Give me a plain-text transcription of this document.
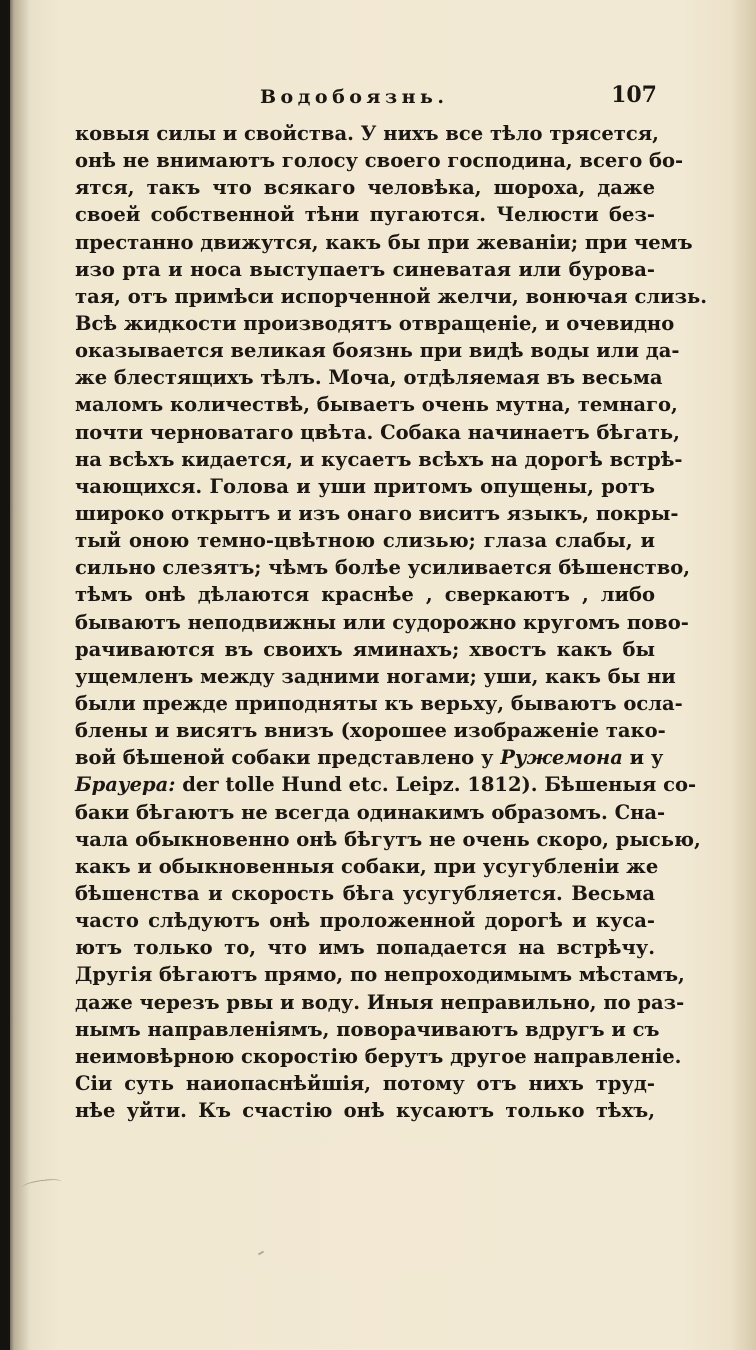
Водобоязнь.	107
ковыя силы и свойства. У нихъ все тѣло трясется,
онѣ не внимаютъ голосу своего господина, всего бо-
ятся, такъ что всякаго человѣка, шороха, даже
своей собственной тѣни пугаются. Челюсти без-
престанно движутся, какъ бы при жеванiи; при чемъ
изо рта и носа выступаетъ синеватая или бурова-
тая, отъ примѣси испорченной желчи, вонючая слизь.
Всѣ жидкости производятъ отвращенiе, и очевидно
оказывается великая боязнь при видѣ воды или да-
же блестящихъ тѣлъ. Моча, отдѣляемая въ весьма
маломъ количествѣ, бываетъ очень мутна, темнаго,
почти черноватаго цвѣта. Собака начинаетъ бѣгать,
на всѣхъ кидается, и кусаетъ всѣхъ на дорогѣ встрѣ-
чающихся. Голова и уши притомъ опущены, ротъ
широко открытъ и изъ онаго виситъ языкъ, покры-
тый оною темно-цвѣтною слизью; глаза слабы, и
сильно слезятъ; чѣмъ болѣе усиливается бѣшенство,
тѣмъ онѣ дѣлаются краснѣе , сверкаютъ , либо
бываютъ неподвижны или судорожно кругомъ пово-
рачиваются въ своихъ яминахъ; хвостъ какъ бы
ущемленъ между задними ногами; уши, какъ бы ни
были прежде приподняты къ верьху, бываютъ осла-
блены и висятъ внизъ (хорошее изображенiе тако-
вой бѣшеной собаки представлено у Ружемона и у
Брауера: der tolle Hund etc. Leipz. 1812). Бѣшеныя со-
баки бѣгаютъ не всегда одинакимъ образомъ. Сна-
чала обыкновенно онѣ бѣгутъ не очень скоро, рысью,
какъ и обыкновенныя собаки, при усугубленiи же
бѣшенства и скорость бѣга усугубляется. Весьма
часто слѣдуютъ онѣ проложенной дорогѣ и куса-
ютъ только то, что имъ попадается на встрѣчу.
Другiя бѣгаютъ прямо, по непроходимымъ мѣстамъ,
даже черезъ рвы и воду. Иныя неправильно, по раз-
нымъ направленiямъ, поворачиваютъ вдругъ и съ
неимовѣрною скоростiю берутъ другое направленiе.
Сiи суть наиопаснѣйшiя, потому отъ нихъ труд-
нѣе уйти. Къ счастiю онѣ кусаютъ только тѣхъ,
